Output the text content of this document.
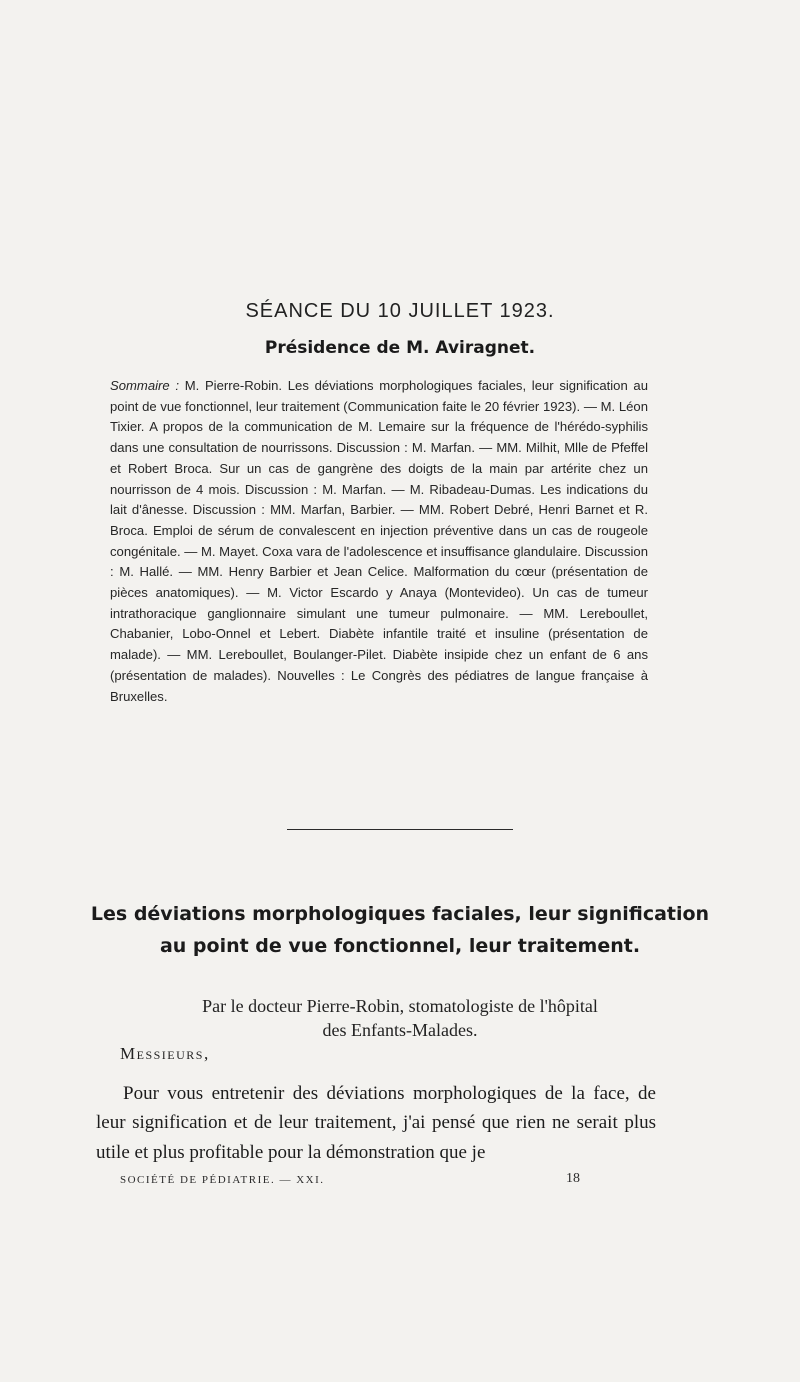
SÉANCE DU 10 JUILLET 1923.
Présidence de M. Aviragnet.
Sommaire : M. Pierre-Robin. Les déviations morphologiques faciales, leur signification au point de vue fonctionnel, leur traitement (Communication faite le 20 février 1923). — M. Léon Tixier. A propos de la communication de M. Lemaire sur la fréquence de l'hérédo-syphilis dans une consultation de nourrissons. Discussion : M. Marfan. — MM. Milhit, Mlle de Pfeffel et Robert Broca. Sur un cas de gangrène des doigts de la main par artérite chez un nourrisson de 4 mois. Discussion : M. Marfan. — M. Ribadeau-Dumas. Les indications du lait d'ânesse. Discussion : MM. Marfan, Barbier. — MM. Robert Debré, Henri Barnet et R. Broca. Emploi de sérum de convalescent en injection préventive dans un cas de rougeole congénitale. — M. Mayet. Coxa vara de l'adolescence et insuffisance glandulaire. Discussion : M. Hallé. — MM. Henry Barbier et Jean Celice. Malformation du cœur (présentation de pièces anatomiques). — M. Victor Escardo y Anaya (Montevideo). Un cas de tumeur intrathoracique ganglionnaire simulant une tumeur pulmonaire. — MM. Lereboullet, Chabanier, Lobo-Onnel et Lebert. Diabète infantile traité et insuline (présentation de malade). — MM. Lereboullet, Boulanger-Pilet. Diabète insipide chez un enfant de 6 ans (présentation de malades). Nouvelles : Le Congrès des pédiatres de langue française à Bruxelles.
Les déviations morphologiques faciales, leur signification
au point de vue fonctionnel, leur traitement.
Par le docteur Pierre-Robin, stomatologiste de l'hôpital
des Enfants-Malades.
Messieurs,
Pour vous entretenir des déviations morphologiques de la face, de leur signification et de leur traitement, j'ai pensé que rien ne serait plus utile et plus profitable pour la démonstration que je
SOCIÉTÉ DE PÉDIATRIE. — XXI.	18
